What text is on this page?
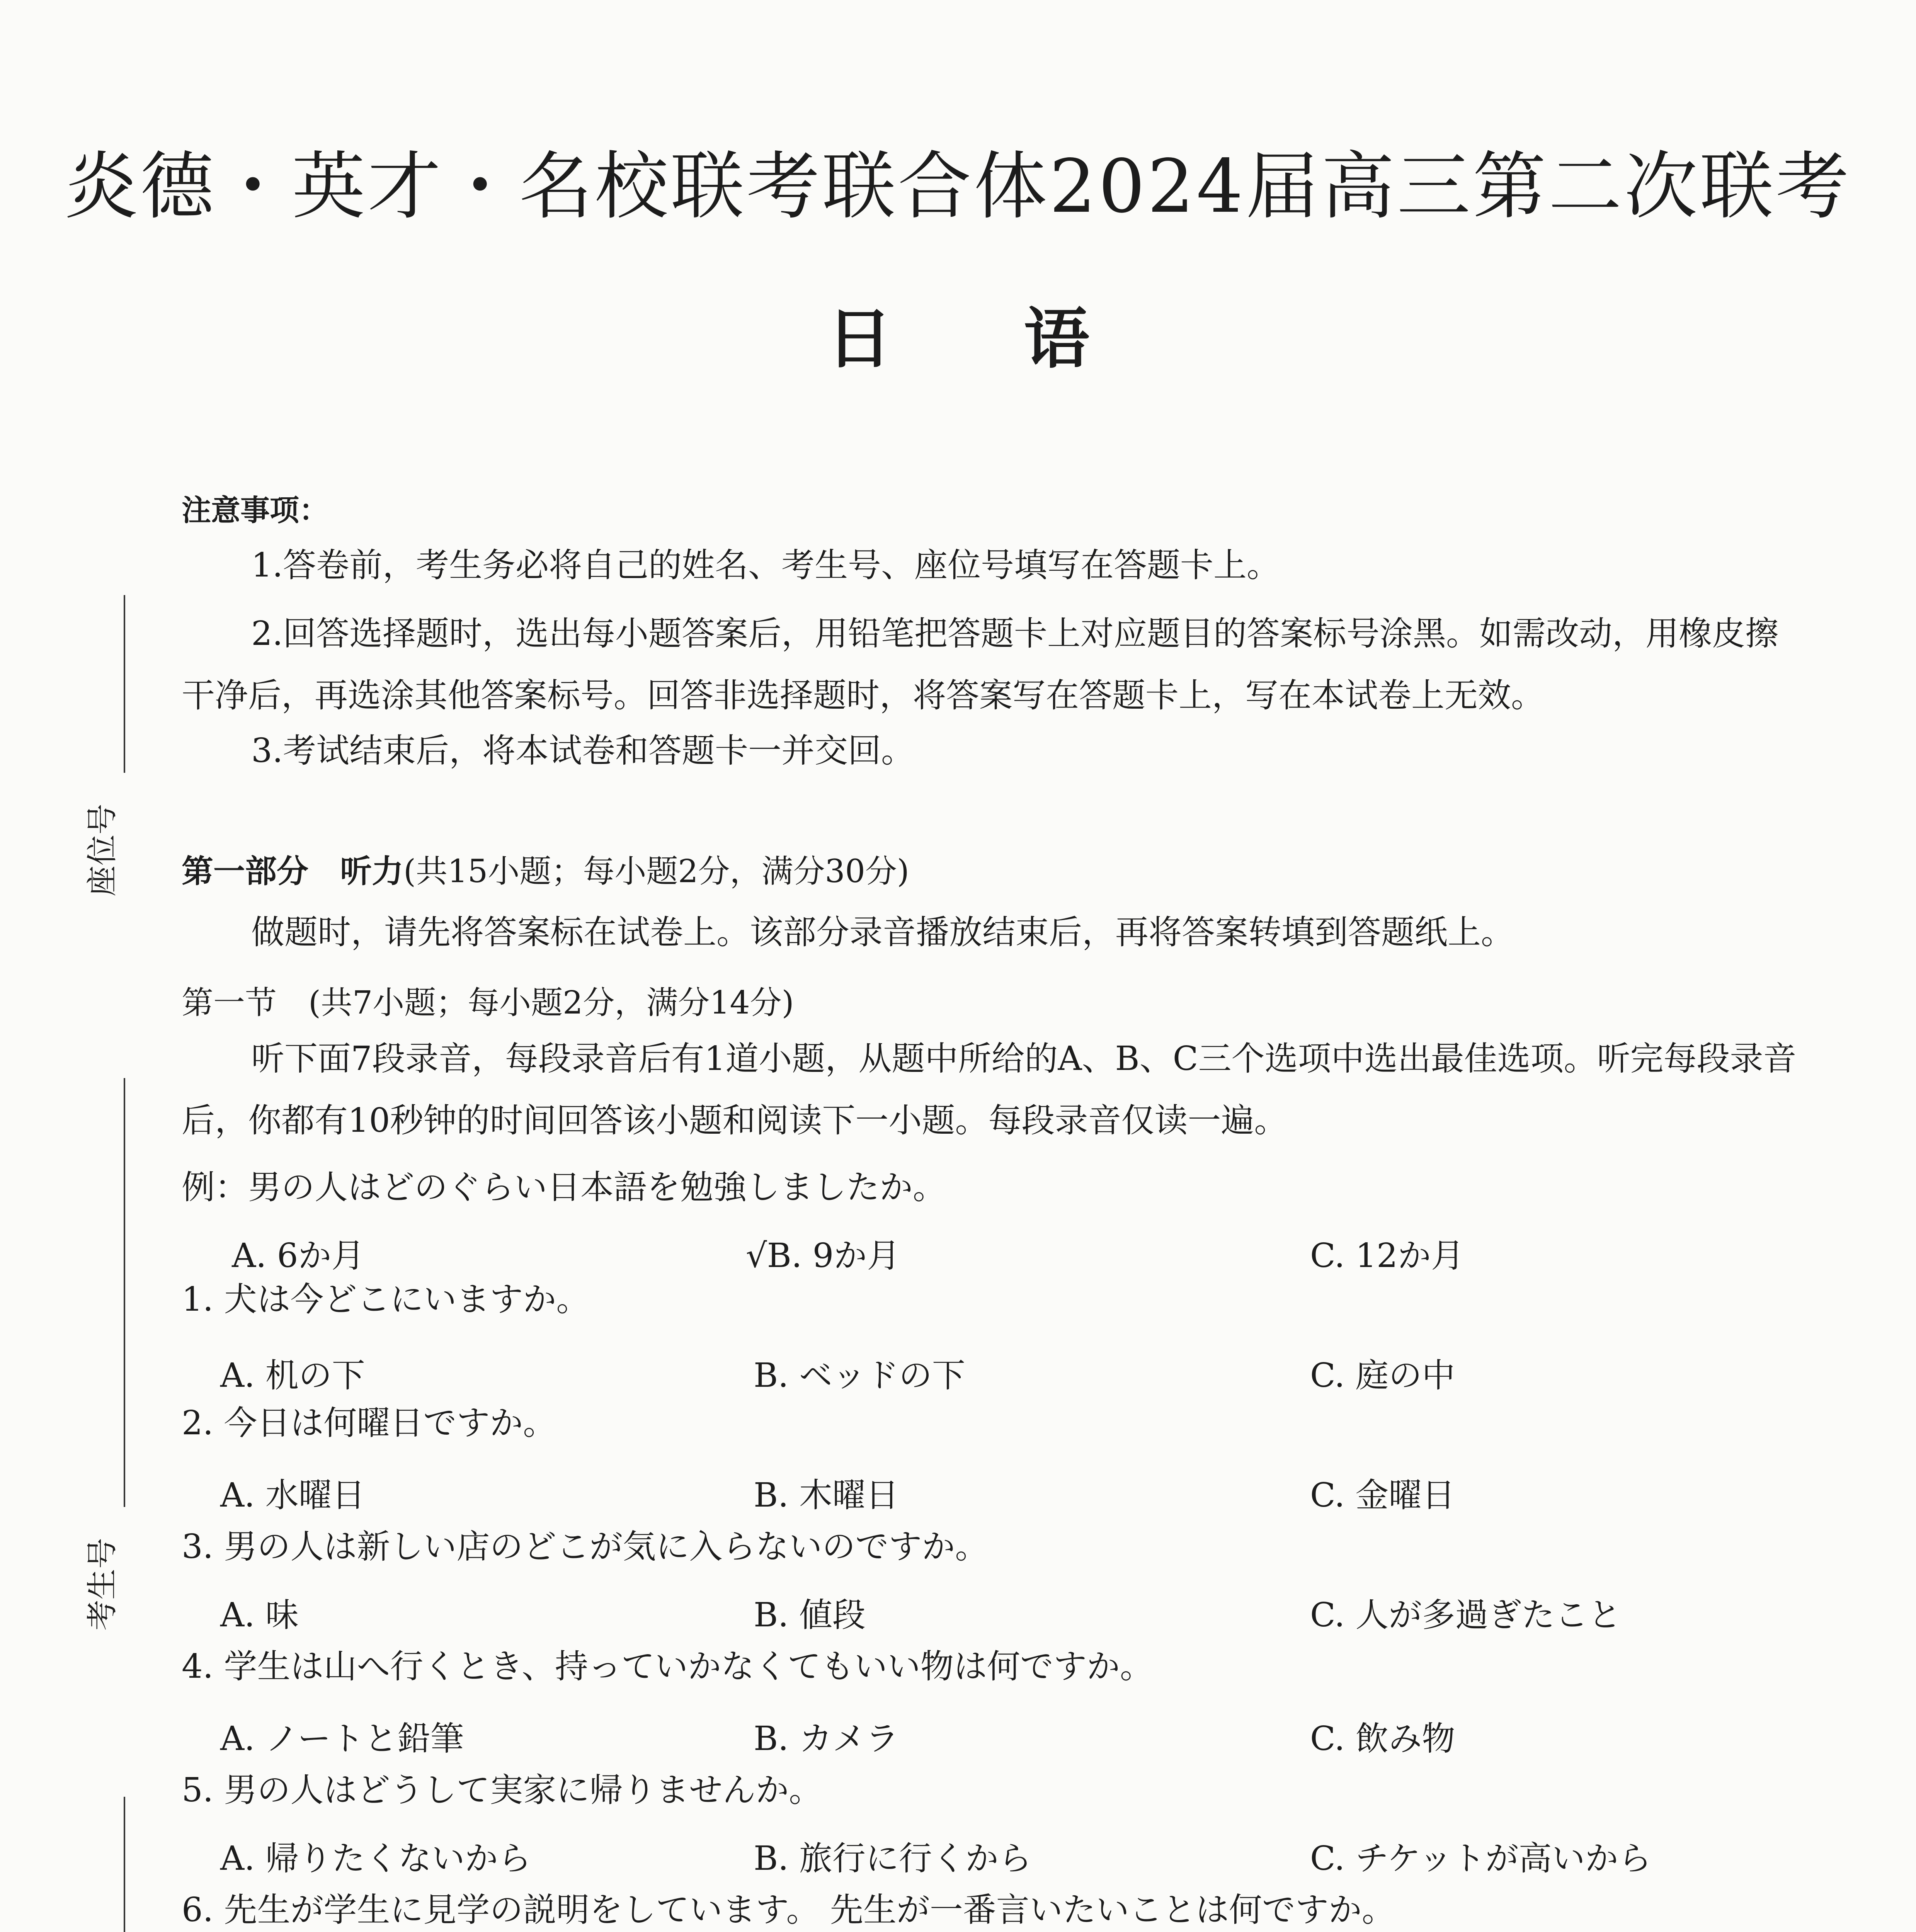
炎德・英才・名校联考联合体2024届高三第二次联考
日　　语
座位号
考生号
注意事项：
1.答卷前，考生务必将自己的姓名、考生号、座位号填写在答题卡上。
2.回答选择题时，选出每小题答案后，用铅笔把答题卡上对应题目的答案标号涂黑。如需改动，用橡皮擦干净后，再选涂其他答案标号。回答非选择题时，将答案写在答题卡上，写在本试卷上无效。
3.考试结束后，将本试卷和答题卡一并交回。
第一部分　听力(共15小题；每小题2分，满分30分)
做题时，请先将答案标在试卷上。该部分录音播放结束后，再将答案转填到答题纸上。
第一节　(共7小题；每小题2分，满分14分)
听下面7段录音，每段录音后有1道小题，从题中所给的A、B、C三个选项中选出最佳选项。听完每段录音后，你都有10秒钟的时间回答该小题和阅读下一小题。每段录音仅读一遍。
例：男の人はどのぐらい日本語を勉強しましたか。
A. 6か月	√B. 9か月	C. 12か月
1. 犬は今どこにいますか。
A. 机の下	B. ベッドの下	C. 庭の中
2. 今日は何曜日ですか。
A. 水曜日	B. 木曜日	C. 金曜日
3. 男の人は新しい店のどこが気に入らないのですか。
A. 味	B. 値段	C. 人が多過ぎたこと
4. 学生は山へ行くとき、持っていかなくてもいい物は何ですか。
A. ノートと鉛筆	B. カメラ	C. 飲み物
5. 男の人はどうして実家に帰りませんか。
A. 帰りたくないから	B. 旅行に行くから	C. チケットが高いから
6. 先生が学生に見学の説明をしています。 先生が一番言いたいことは何ですか。
